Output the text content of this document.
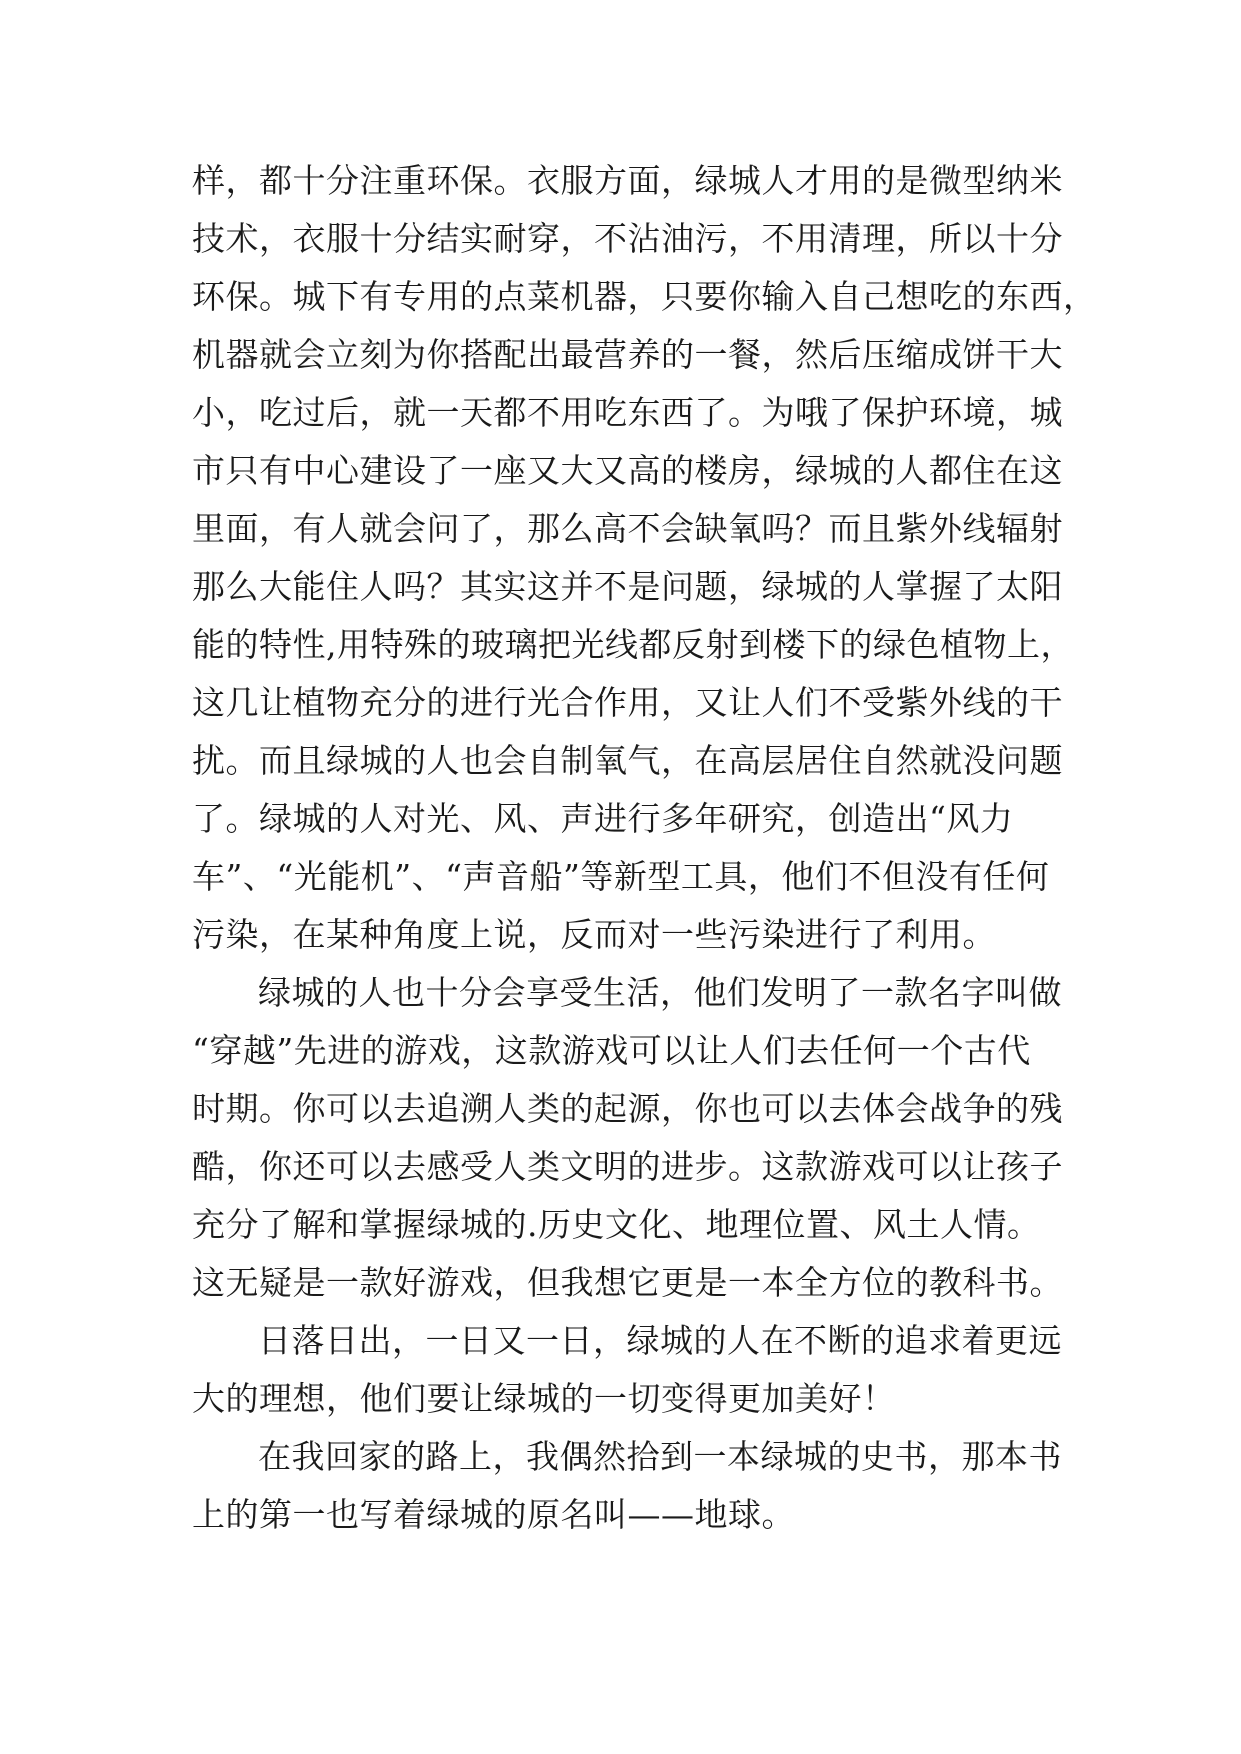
样，都十分注重环保。衣服方面，绿城人才用的是微型纳米
技术，衣服十分结实耐穿，不沾油污，不用清理，所以十分
环保。城下有专用的点菜机器，只要你输入自己想吃的东西，
机器就会立刻为你搭配出最营养的一餐，然后压缩成饼干大
小，吃过后，就一天都不用吃东西了。为哦了保护环境，城
市只有中心建设了一座又大又高的楼房，绿城的人都住在这
里面，有人就会问了，那么高不会缺氧吗？而且紫外线辐射
那么大能住人吗？其实这并不是问题，绿城的人掌握了太阳
能的特性,用特殊的玻璃把光线都反射到楼下的绿色植物上，
这几让植物充分的进行光合作用，又让人们不受紫外线的干
扰。而且绿城的人也会自制氧气，在高层居住自然就没问题
了。绿城的人对光、风、声进行多年研究，创造出“风力
车”、“光能机”、“声音船”等新型工具，他们不但没有任何
污染，在某种角度上说，反而对一些污染进行了利用。
绿城的人也十分会享受生活，他们发明了一款名字叫做
“穿越”先进的游戏，这款游戏可以让人们去任何一个古代
时期。你可以去追溯人类的起源，你也可以去体会战争的残
酷，你还可以去感受人类文明的进步。这款游戏可以让孩子
充分了解和掌握绿城的.历史文化、地理位置、风土人情。
这无疑是一款好游戏，但我想它更是一本全方位的教科书。
日落日出，一日又一日，绿城的人在不断的追求着更远
大的理想，他们要让绿城的一切变得更加美好！
在我回家的路上，我偶然拾到一本绿城的史书，那本书
上的第一也写着绿城的原名叫——地球。
